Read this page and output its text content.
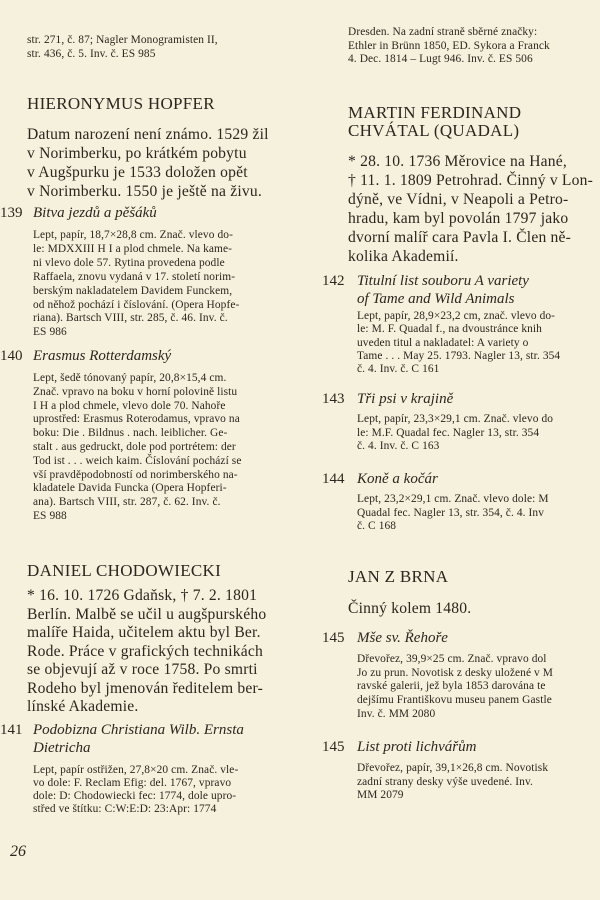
str. 271, č. 87; Nagler Monogramisten II,
str. 436, č. 5. Inv. č. ES 985
HIERONYMUS HOPFER
Datum narození není známo. 1529 žil
v Norimberku, po krátkém pobytu
v Augšpurku je 1533 doložen opět
v Norimberku. 1550 je ještě na živu.
139 Bitva jezdů a pěšáků
Lept, papír, 18,7×28,8 cm. Znač. vlevo do-
le: MDXXIII H I a plod chmele. Na kame-
ni vlevo dole 57. Rytina provedena podle
Raffaela, znovu vydaná v 17. století norim-
berským nakladatelem Davidem Funckem,
od něhož pochází i číslování. (Opera Hopfe-
riana). Bartsch VIII, str. 285, č. 46. Inv. č.
ES 986
140 Erasmus Rotterdamský
Lept, šedě tónovaný papír, 20,8×15,4 cm.
Znač. vpravo na boku v horní polovině listu
I H a plod chmele, vlevo dole 70. Nahoře
uprostřed: Erasmus Roterodamus, vpravo na
boku: Die . Bildnus . nach. leiblicher. Ge-
stalt . aus gedruckt, dole pod portrétem: der
Tod ist . . . weich kaim. Číslování pochází se
vší pravděpodobností od norimberského na-
kladatele Davida Funcka (Opera Hopferi-
ana). Bartsch VIII, str. 287, č. 62. Inv. č.
ES 988
DANIEL CHODOWIECKI
* 16. 10. 1726 Gdaňsk, † 7. 2. 1801
Berlín. Malbě se učil u augšpurského
malíře Haida, učitelem aktu byl Ber.
Rode. Práce v grafických technikách
se objevují až v roce 1758. Po smrti
Rodeho byl jmenován ředitelem ber-
línské Akademie.
141 Podobizna Christiana Wilb. Ernsta
Dietricha
Lept, papír ostřižen, 27,8×20 cm. Znač. vle-
vo dole: F. Reclam Efig: del. 1767, vpravo
dole: D: Chodowiecki fec: 1774, dole upro-
střed ve štítku: C:W:E:D: 23:Apr: 1774
Dresden. Na zadní straně sběrné značky:
Ethler in Brünn 1850, ED. Sykora a Franck
4. Dec. 1814 – Lugt 946. Inv. č. ES 506
MARTIN FERDINAND
CHVÁTAL (QUADAL)
* 28. 10. 1736 Měrovice na Hané,
† 11. 1. 1809 Petrohrad. Činný v Lon-
dýně, ve Vídni, v Neapoli a Petro-
hradu, kam byl povolán 1797 jako
dvorní malíř cara Pavla I. Člen ně-
kolika Akademií.
142 Titulní list souboru A variety
of Tame and Wild Animals
Lept, papír, 28,9×23,2 cm, znač. vlevo do-
le: M. F. Quadal f., na dvoustránce knih
uveden titul a nakladatel: A variety o
Tame . . . May 25. 1793. Nagler 13, str. 354
č. 4. Inv. č. C 161
143 Tři psi v krajině
Lept, papír, 23,3×29,1 cm. Znač. vlevo do
le: M.F. Quadal fec. Nagler 13, str. 354
č. 4. Inv. č. C 163
144 Koně a kočár
Lept, 23,2×29,1 cm. Znač. vlevo dole: M
Quadal fec. Nagler 13, str. 354, č. 4. Inv
č. C 168
JAN Z BRNA
Činný kolem 1480.
145 Mše sv. Řehoře
Dřevořez, 39,9×25 cm. Znač. vpravo dol
Jo zu prun. Novotisk z desky uložené v M
ravské galerii, jež byla 1853 darována te
dejšímu Františkovu museu panem Gastle
Inv. č. MM 2080
145 List proti lichvářům
Dřevořez, papír, 39,1×26,8 cm. Novotisk
zadní strany desky výše uvedené. Inv.
MM 2079
26
